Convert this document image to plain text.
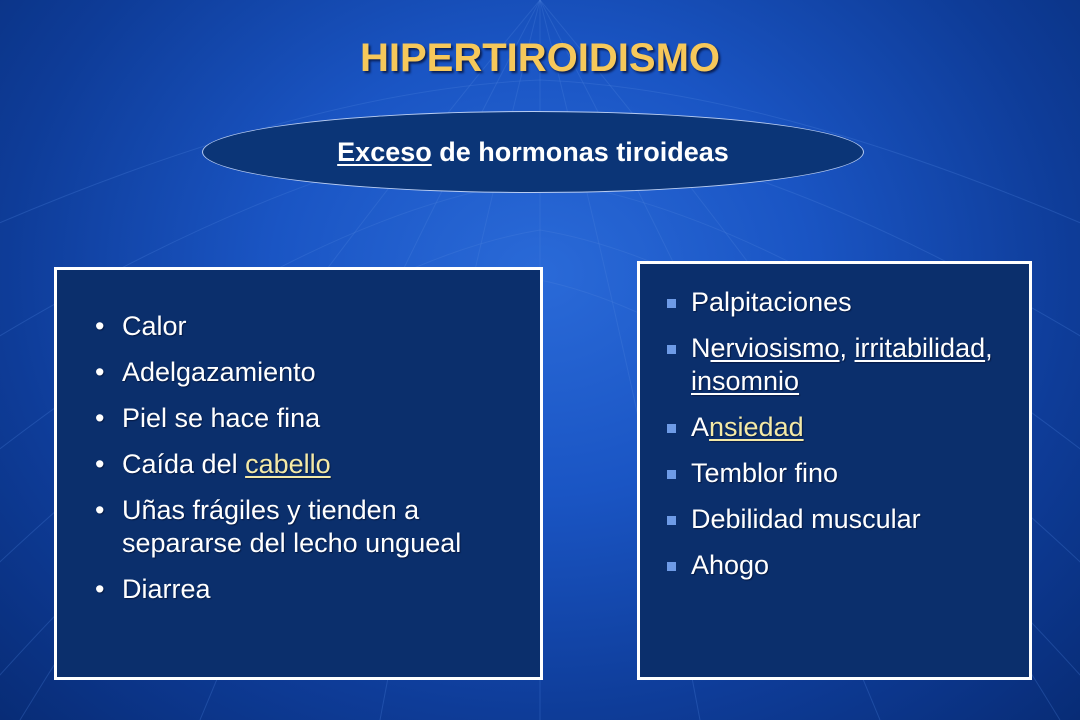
HIPERTIROIDISMO
Exceso de hormonas tiroideas
• Calor
• Adelgazamiento
• Piel se hace fina
• Caída del cabello
• Uñas frágiles y tienden a separarse del lecho ungueal
• Diarrea
Palpitaciones
Nerviosismo, irritabilidad, insomnio
Ansiedad
Temblor fino
Debilidad muscular
Ahogo
